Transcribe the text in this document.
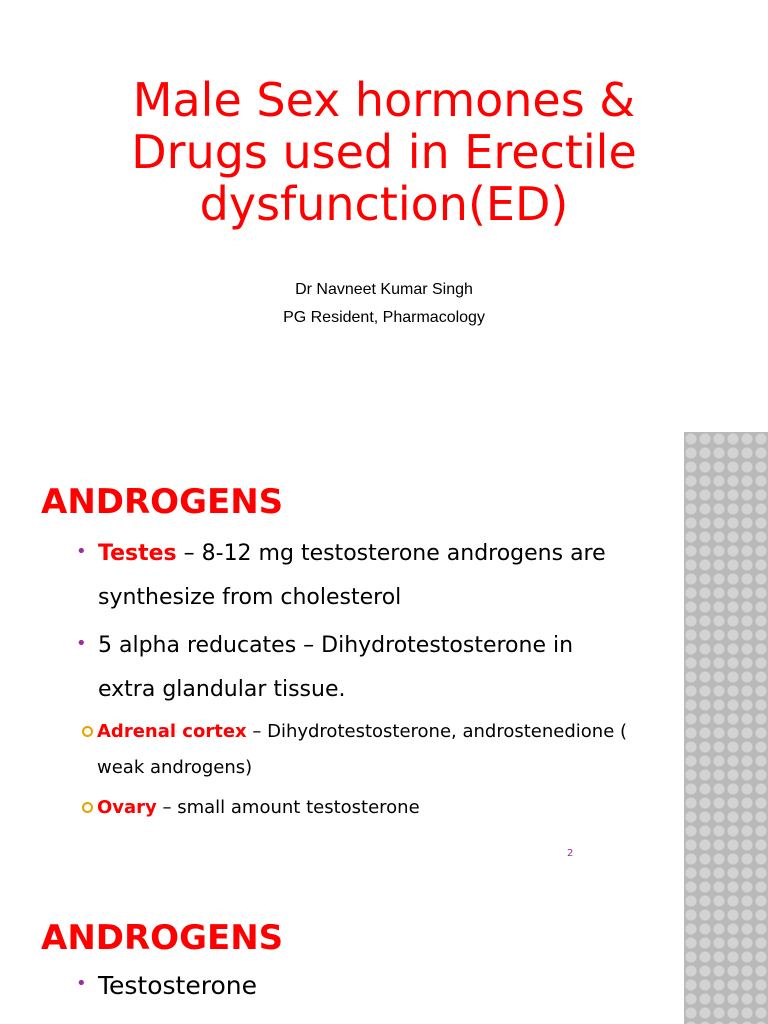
Male Sex hormones &
Drugs used in Erectile
dysfunction(ED)
Dr Navneet Kumar Singh
PG Resident, Pharmacology
ANDROGENS
• Testes – 8-12 mg testosterone androgens are synthesize from cholesterol
• 5 alpha reducates – Dihydrotestosterone in extra glandular tissue.
Adrenal cortex – Dihydrotestosterone, androstenedione ( weak androgens)
Ovary – small amount testosterone
2
ANDROGENS
• Testosterone
